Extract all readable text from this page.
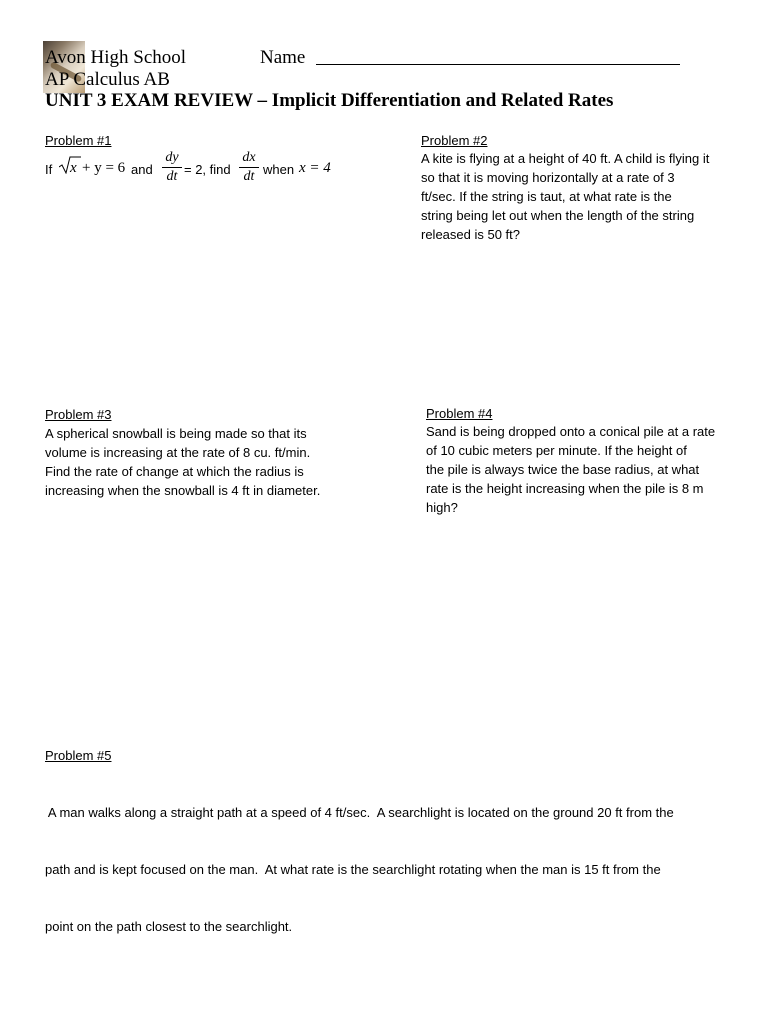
Avon High School
AP Calculus AB
Name
UNIT 3 EXAM REVIEW – Implicit Differentiation and Related Rates
Problem #1
If x + y = 6 and
dy
dt = 2, find
dx
dt when x = 4
Problem #2
A kite is flying at a height of 40 ft. A child is flying it
so that it is moving horizontally at a rate of 3
ft/sec. If the string is taut, at what rate is the
string being let out when the length of the string
released is 50 ft?
Problem #3
A spherical snowball is being made so that its
volume is increasing at the rate of 8 cu. ft/min.
Find the rate of change at which the radius is
increasing when the snowball is 4 ft in diameter.
Problem #4
Sand is being dropped onto a conical pile at a rate
of 10 cubic meters per minute. If the height of
the pile is always twice the base radius, at what
rate is the height increasing when the pile is 8 m
high?
Problem #5

A man walks along a straight path at a speed of 4 ft/sec.  A searchlight is located on the ground 20 ft from the

path and is kept focused on the man.  At what rate is the searchlight rotating when the man is 15 ft from the

point on the path closest to the searchlight.
